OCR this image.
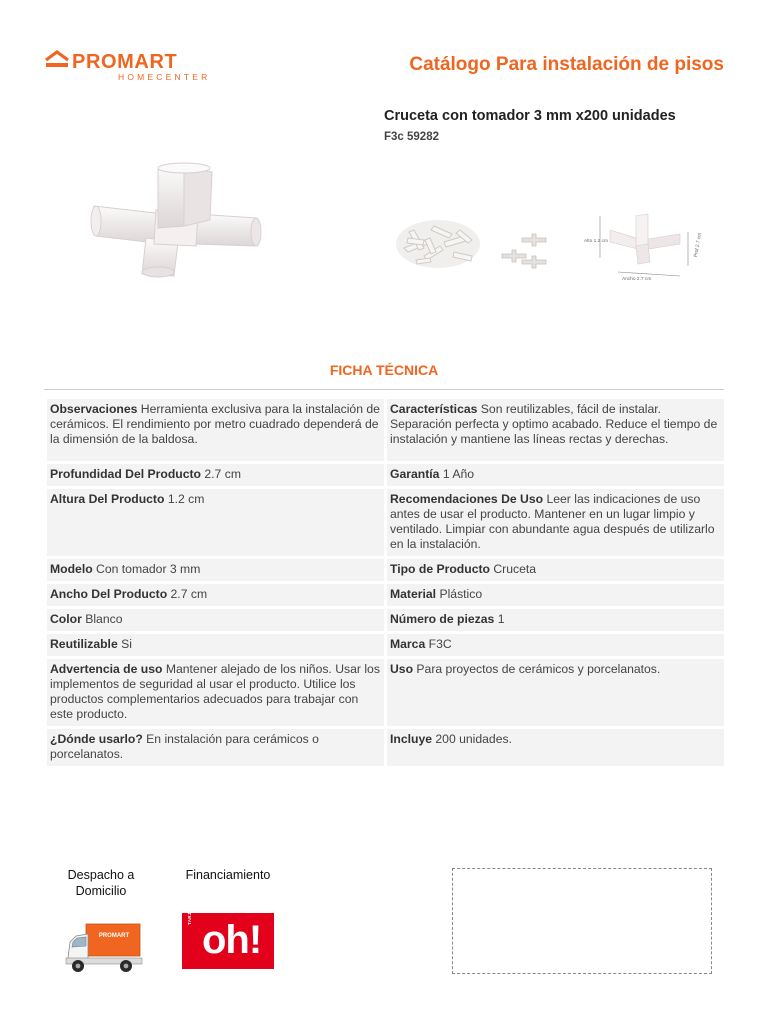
PROMART
HOMECENTER
Catálogo Para instalación de pisos
Cruceta con tomador 3 mm x200 unidades
F3c 59282
Alto 1.2 cm
Ancho 2.7 cm
Prof 2.7 cm
FICHA TÉCNICA
Observaciones Herramienta exclusiva para la instalación de cerámicos. El rendimiento por metro cuadrado dependerá de la dimensión de la baldosa.	Características Son reutilizables, fácil de instalar. Separación perfecta y optimo acabado. Reduce el tiempo de instalación y mantiene las líneas rectas y derechas.
Profundidad Del Producto 2.7 cm	Garantía 1 Año
Altura Del Producto 1.2 cm	Recomendaciones De Uso Leer las indicaciones de uso antes de usar el producto. Mantener en un lugar limpio y ventilado. Limpiar con abundante agua después de utilizarlo en la instalación.
Modelo Con tomador 3 mm	Tipo de Producto Cruceta
Ancho Del Producto 2.7 cm	Material Plástico
Color Blanco	Número de piezas 1
Reutilizable Si	Marca F3C
Advertencia de uso Mantener alejado de los niños. Usar los implementos de seguridad al usar el producto. Utilice los productos complementarios adecuados para trabajar con este producto.	Uso Para proyectos de cerámicos y porcelanatos.
¿Dónde usarlo? En instalación para cerámicos o porcelanatos.	Incluye 200 unidades.
Despacho a Domicilio
Financiamiento
PROMART
TARJETA
oh!
